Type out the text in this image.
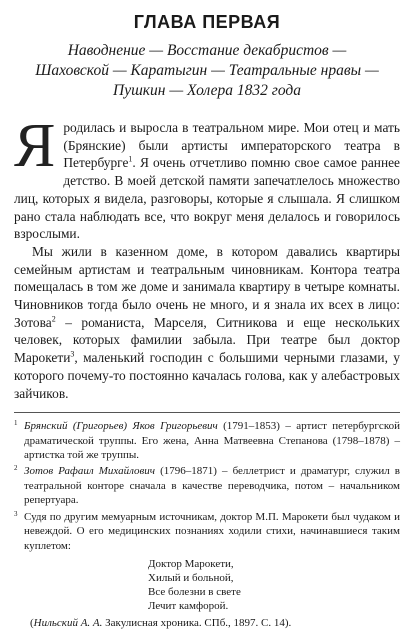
ГЛАВА ПЕРВАЯ
Наводнение — Восстание декабристов —
Шаховской — Каратыгин — Театральные нравы —
Пушкин — Холера 1832 года

Яродилась и выросла в театральном мире. Мои отец и мать (Брянские) были артисты императорского театра в Петербурге$^1$. Я очень отчетливо помню свое самое раннее детство. В моей детской памяти запечатлелось множество лиц, которых я видела, разговоры, которые я слышала. Я слишком рано стала наблюдать все, что вокруг меня делалось и говорилось взрослыми.

Мы жили в казенном доме, в котором давались квартиры семейным артистам и театральным чиновникам. Контора театра помещалась в том же доме и занимала квартиру в четыре комнаты. Чиновников тогда было очень не много, и я знала их всех в лицо: Зотова$^2$ – романиста, Марселя, Ситникова и еще нескольких человек, которых фамилии забыла. При театре был доктор Марокети$^3$, маленький господин с большими черными глазами, у которого почему-то постоянно качалась голова, как у алебастровых зайчиков.

1 Брянский (Григорьев) Яков Григорьевич (1791–1853) – артист петербургской драматической труппы. Его жена, Анна Матвеевна Степанова (1798–1878) – артистка той же труппы.
2 Зотов Рафаил Михайлович (1796–1871) – беллетрист и драматург, служил в театральной конторе сначала в качестве переводчика, потом – начальником репертуара.
3 Судя по другим мемуарным источникам, доктор М.П. Марокети был чудаком и невеждой. О его медицинских познаниях ходили стихи, начинавшиеся таким куплетом:
Доктор Марокети,
Хилый и больной,
Все болезни в свете
Лечит камфорой.
(Нильский А. А. Закулисная хроника. СПб., 1897. С. 14).
